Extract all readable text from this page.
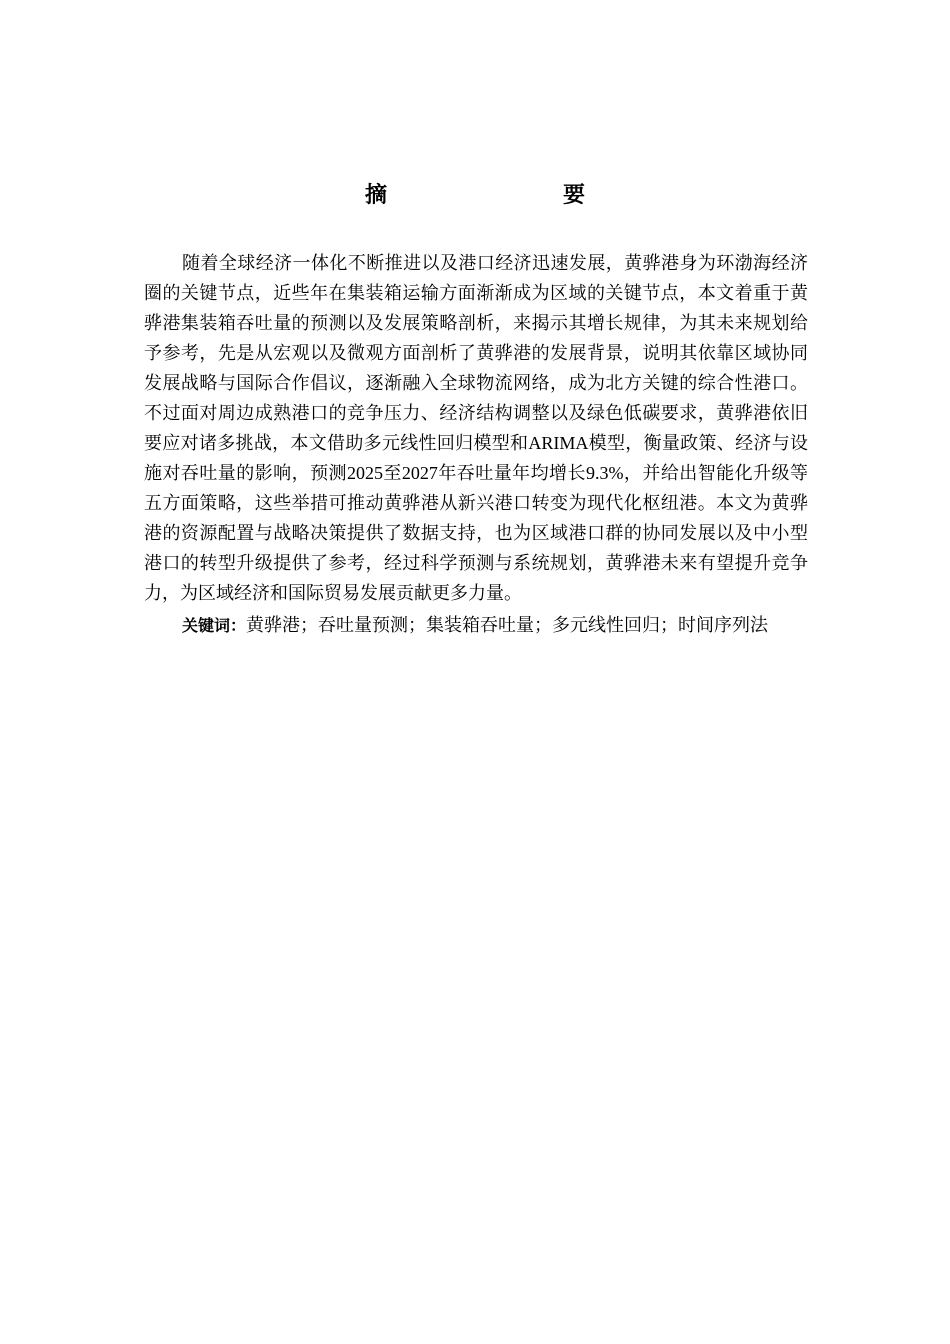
摘　　要

随着全球经济一体化不断推进以及港口经济迅速发展，黄骅港身为环渤海经济圈的关键节点，近些年在集装箱运输方面渐渐成为区域的关键节点，本文着重于黄骅港集装箱吞吐量的预测以及发展策略剖析，来揭示其增长规律，为其未来规划给予参考，先是从宏观以及微观方面剖析了黄骅港的发展背景，说明其依靠区域协同发展战略与国际合作倡议，逐渐融入全球物流网络，成为北方关键的综合性港口。不过面对周边成熟港口的竞争压力、经济结构调整以及绿色低碳要求，黄骅港依旧要应对诸多挑战，本文借助多元线性回归模型和ARIMA模型，衡量政策、经济与设施对吞吐量的影响，预测2025至2027年吞吐量年均增长9.3%，并给出智能化升级等五方面策略，这些举措可推动黄骅港从新兴港口转变为现代化枢纽港。本文为黄骅港的资源配置与战略决策提供了数据支持，也为区域港口群的协同发展以及中小型港口的转型升级提供了参考，经过科学预测与系统规划，黄骅港未来有望提升竞争力，为区域经济和国际贸易发展贡献更多力量。

关键词：黄骅港；吞吐量预测；集装箱吞吐量；多元线性回归；时间序列法
